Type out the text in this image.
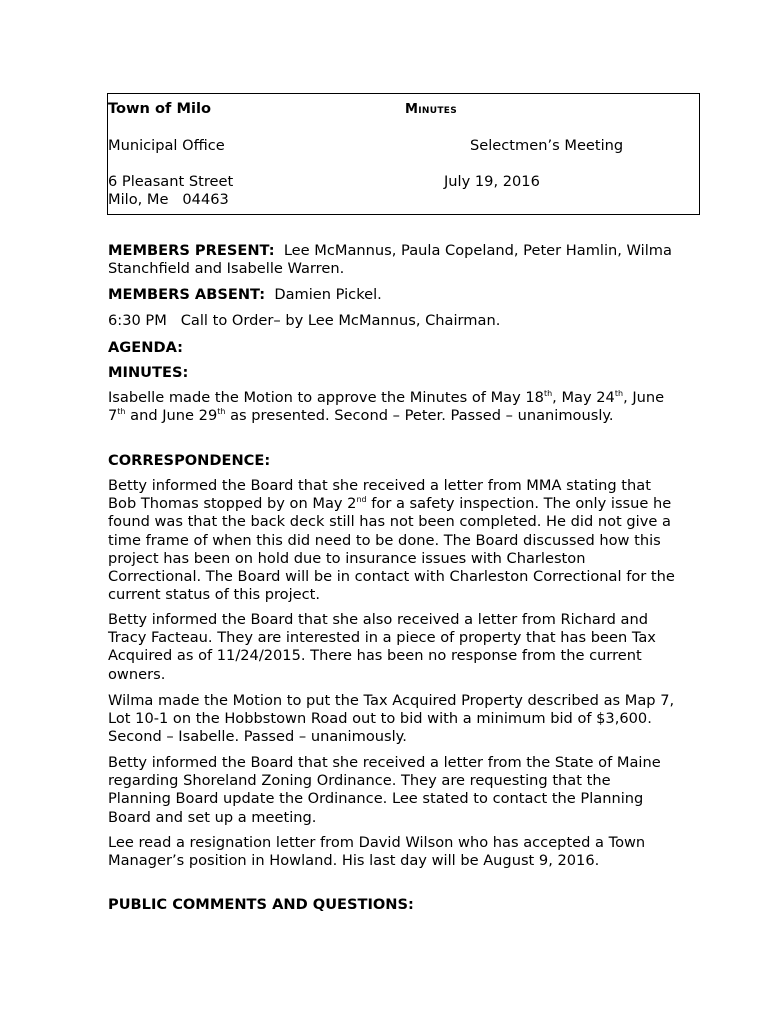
Town of Milo	Minutes
Municipal Office	Selectmen’s Meeting
6 Pleasant Street	July 19, 2016
Milo, Me   04463

MEMBERS PRESENT: Lee McMannus, Paula Copeland, Peter Hamlin, Wilma Stanchfield and Isabelle Warren.

MEMBERS ABSENT: Damien Pickel.

6:30 PM Call to Order– by Lee McMannus, Chairman.

AGENDA:

MINUTES:

Isabelle made the Motion to approve the Minutes of May 18th, May 24th, June 7th and June 29th as presented. Second – Peter. Passed – unanimously.

CORRESPONDENCE:

Betty informed the Board that she received a letter from MMA stating that Bob Thomas stopped by on May 2nd for a safety inspection. The only issue he found was that the back deck still has not been completed. He did not give a time frame of when this did need to be done. The Board discussed how this project has been on hold due to insurance issues with Charleston Correctional. The Board will be in contact with Charleston Correctional for the current status of this project.

Betty informed the Board that she also received a letter from Richard and Tracy Facteau. They are interested in a piece of property that has been Tax Acquired as of 11/24/2015. There has been no response from the current owners.

Wilma made the Motion to put the Tax Acquired Property described as Map 7, Lot 10-1 on the Hobbstown Road out to bid with a minimum bid of $3,600. Second – Isabelle. Passed – unanimously.

Betty informed the Board that she received a letter from the State of Maine regarding Shoreland Zoning Ordinance. They are requesting that the Planning Board update the Ordinance. Lee stated to contact the Planning Board and set up a meeting.

Lee read a resignation letter from David Wilson who has accepted a Town Manager’s position in Howland. His last day will be August 9, 2016.

PUBLIC COMMENTS AND QUESTIONS:
